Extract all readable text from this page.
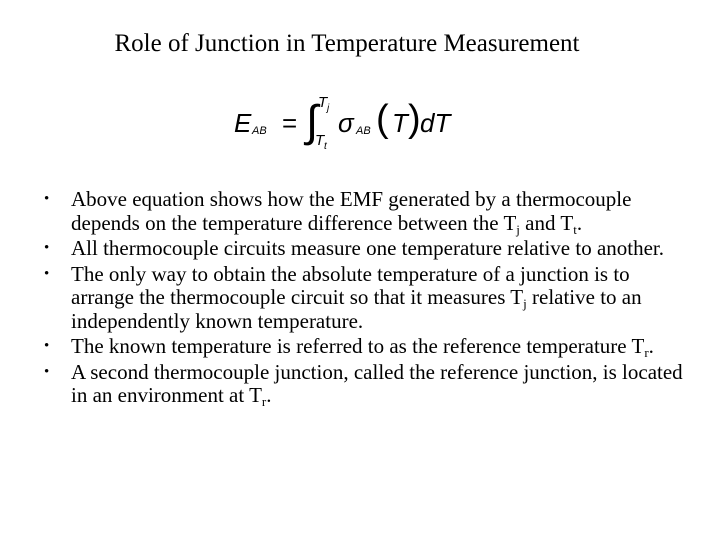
Role of Junction in Temperature Measurement
E AB = ∫ T j
T t
σ AB ( T ) dT
• Above equation shows how the EMF generated by a thermocouple depends on the temperature difference between the $T_j$ and $T_t$.
• All thermocouple circuits measure one temperature relative to another.
• The only way to obtain the absolute temperature of a junction is to arrange the thermocouple circuit so that it measures $T_j$ relative to an independently known temperature.
• The known temperature is referred to as the reference temperature $T_r$.
• A second thermocouple junction, called the reference junction, is located in an environment at $T_r$.
